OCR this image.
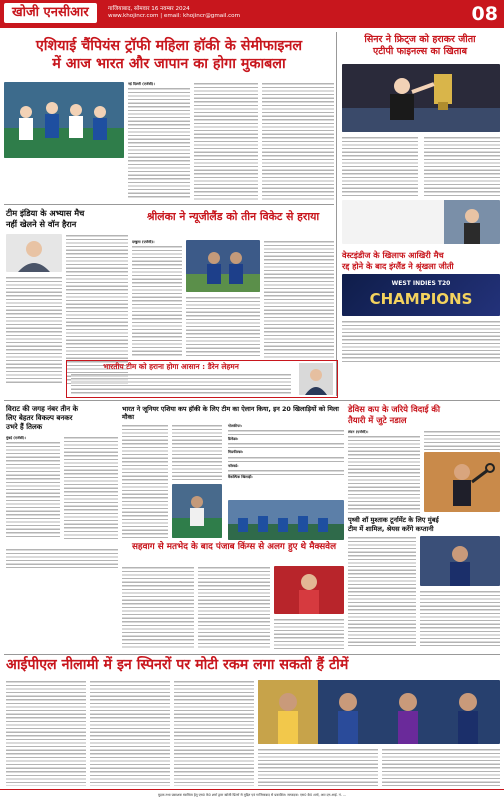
खोजी एनसीआर	गाजियाबाद, सोमवार 16 नवम्बर 2024
www.khojincr.com | email: khojincr@gmail.com	08
एशियाई चैंपियंस ट्रॉफी महिला हॉकी के सेमीफाइनल
में आज भारत और जापान का होगा मुकाबला
नई दिल्ली (एजेंसी)।
सिनर ने फ्रिट्ज को हराकर जीता
एटीपी फाइनल्स का खिताब
टीम इंडिया के अभ्यास मैच
नहीं खेलने से वॉन हैरान
श्रीलंका ने न्यूजीलैंड को तीन विकेट से हराया
दम्बुला (एजेंसी)।
वेस्टइंडीज के खिलाफ आखिरी मैच
रद्द होने के बाद इंग्लैंड ने श्रृंखला जीती
WEST INDIES T20
CHAMPIONS
भारतीय टीम को हराना होगा आसान : डैरेन लेहमन
विराट की जगह नंबर तीन के
लिए बेहतर विकल्प बनकर
उभरे हैं तिलक
मुंबई (एजेंसी)।
भारत ने जूनियर एशिया कप हॉकी के लिए टीम का ऐलान किया, इन 20 खिलाड़ियों को मिला मौका
गोलकीपर:
डिफेंडर:
मिडफील्डर:
फॉरवर्ड:
वैकल्पिक खिलाड़ी:
डेविस कप के जरिये विदाई की
तैयारी में जुटे नडाल
लंदन (एजेंसी)।
सहवाग से मतभेद के बाद पंजाब किंग्स से अलग हुए थे मैक्सवेल
पृथ्वी शॉ मुश्ताक टूर्नामेंट के लिए मुंबई
टीम में शामिल, श्रेयस करेंगे कप्तानी
आईपीएल नीलामी में इन स्पिनरों पर मोटी रकम लगा सकती हैं टीमें
मुद्रक तथा प्रकाशक स्वामित्व हेतु एस0 के0 शर्मा द्वारा खोजी प्रिंटर्स से मुद्रित एवं गाजियाबाद से प्रकाशित। सम्पादक: एस0 के0 शर्मा, आर.एन.आई. नं. ...
